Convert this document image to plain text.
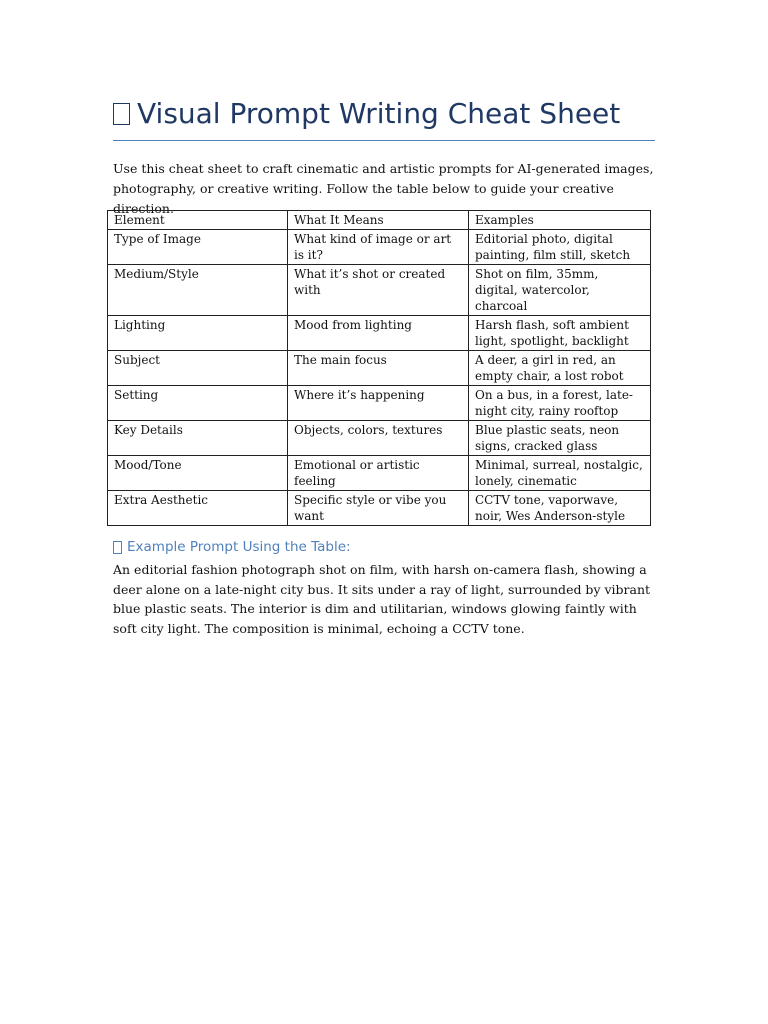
Visual Prompt Writing Cheat Sheet

Use this cheat sheet to craft cinematic and artistic prompts for AI-generated images, photography, or creative writing. Follow the table below to guide your creative direction.

Element	What It Means	Examples
Type of Image	What kind of image or art is it?	Editorial photo, digital painting, film still, sketch
Medium/Style	What it’s shot or created with	Shot on film, 35mm, digital, watercolor, charcoal
Lighting	Mood from lighting	Harsh flash, soft ambient light, spotlight, backlight
Subject	The main focus	A deer, a girl in red, an empty chair, a lost robot
Setting	Where it’s happening	On a bus, in a forest, late-night city, rainy rooftop
Key Details	Objects, colors, textures	Blue plastic seats, neon signs, cracked glass
Mood/Tone	Emotional or artistic feeling	Minimal, surreal, nostalgic, lonely, cinematic
Extra Aesthetic	Specific style or vibe you want	CCTV tone, vaporwave, noir, Wes Anderson-style
Example Prompt Using the Table:

An editorial fashion photograph shot on film, with harsh on-camera flash, showing a deer alone on a late-night city bus. It sits under a ray of light, surrounded by vibrant blue plastic seats. The interior is dim and utilitarian, windows glowing faintly with soft city light. The composition is minimal, echoing a CCTV tone.
